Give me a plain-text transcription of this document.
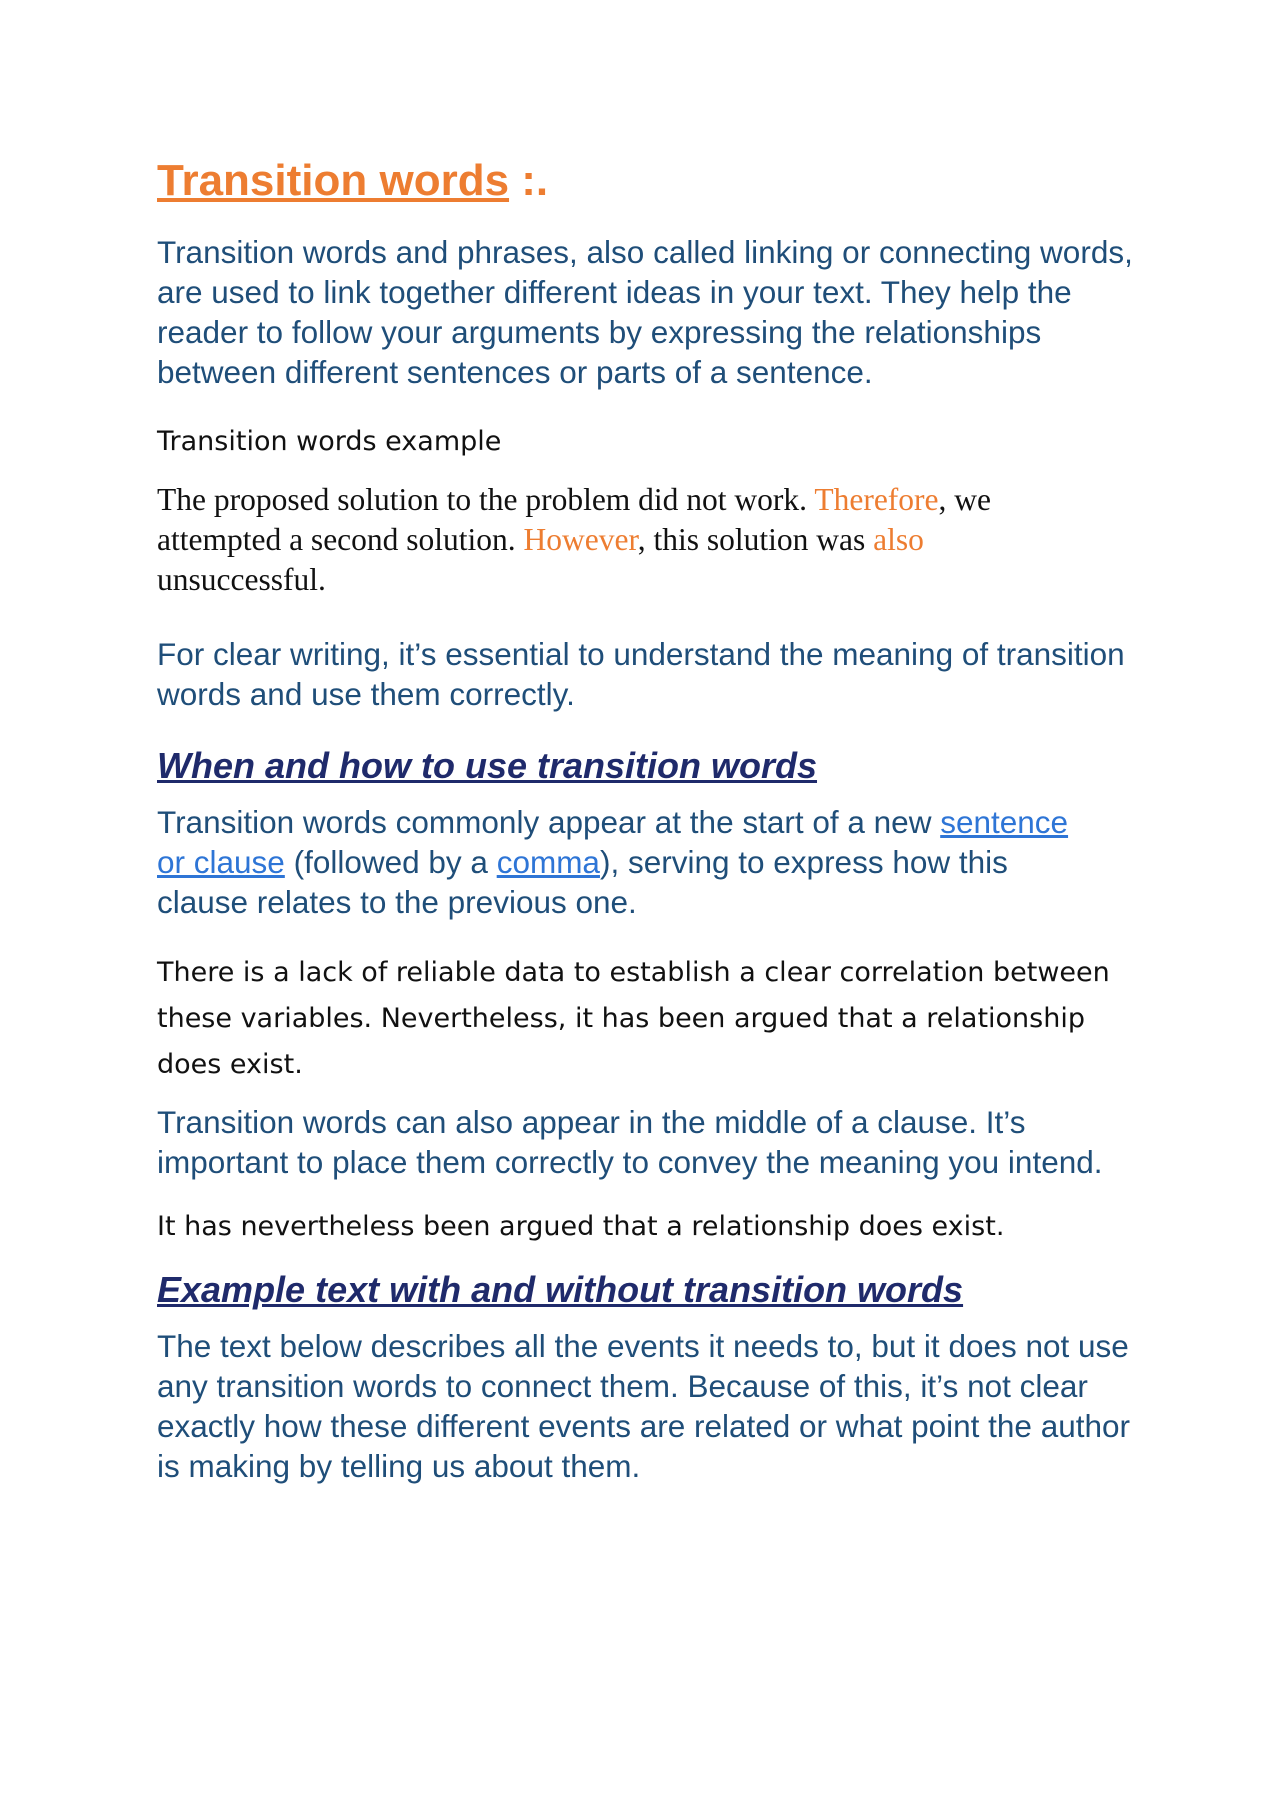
Transition words :.

Transition words and phrases, also called linking or connecting words, are used to link together different ideas in your text. They help the reader to follow your arguments by expressing the relationships between different sentences or parts of a sentence.

Transition words example

The proposed solution to the problem did not work. Therefore, we attempted a second solution. However, this solution was also unsuccessful.

For clear writing, it’s essential to understand the meaning of transition words and use them correctly.

When and how to use transition words

Transition words commonly appear at the start of a new sentence or clause (followed by a comma), serving to express how this clause relates to the previous one.

There is a lack of reliable data to establish a clear correlation between these variables. Nevertheless, it has been argued that a relationship does exist.

Transition words can also appear in the middle of a clause. It’s important to place them correctly to convey the meaning you intend.

It has nevertheless been argued that a relationship does exist.

Example text with and without transition words

The text below describes all the events it needs to, but it does not use any transition words to connect them. Because of this, it’s not clear exactly how these different events are related or what point the author is making by telling us about them.
